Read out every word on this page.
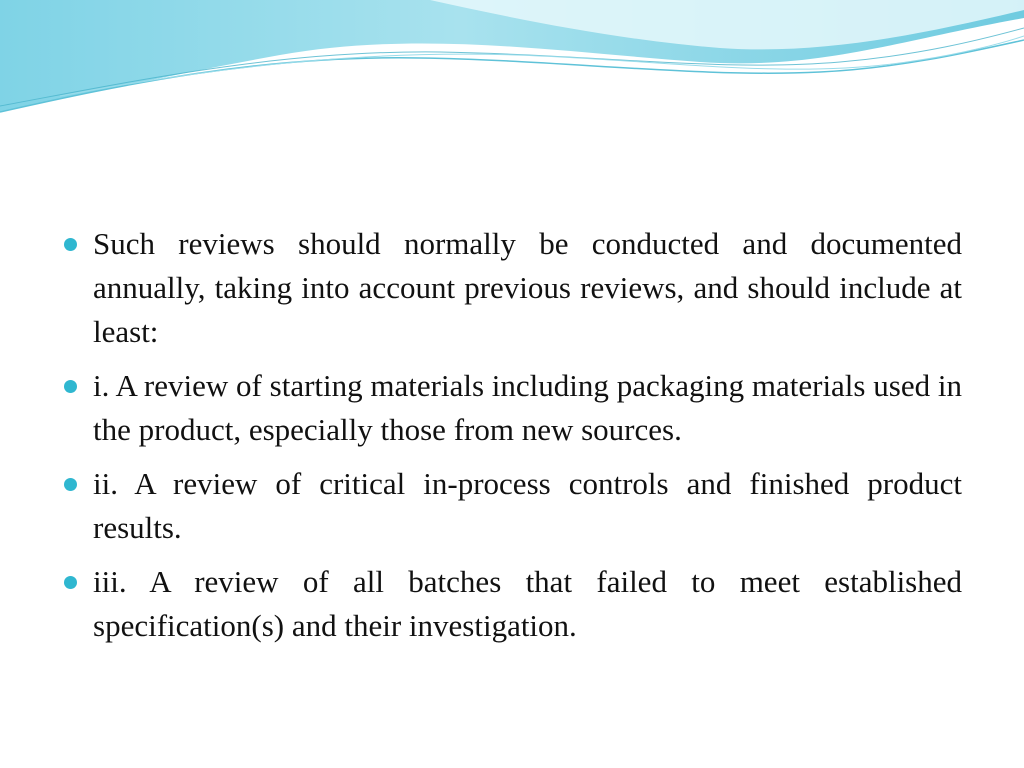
Such reviews should normally be conducted and documented annually, taking into account previous reviews, and should include at least:
i. A review of starting materials including packaging materials used in the product, especially those from new sources.
ii. A review of critical in-process controls and finished product results.
iii. A review of all batches that failed to meet established specification(s) and their investigation.
